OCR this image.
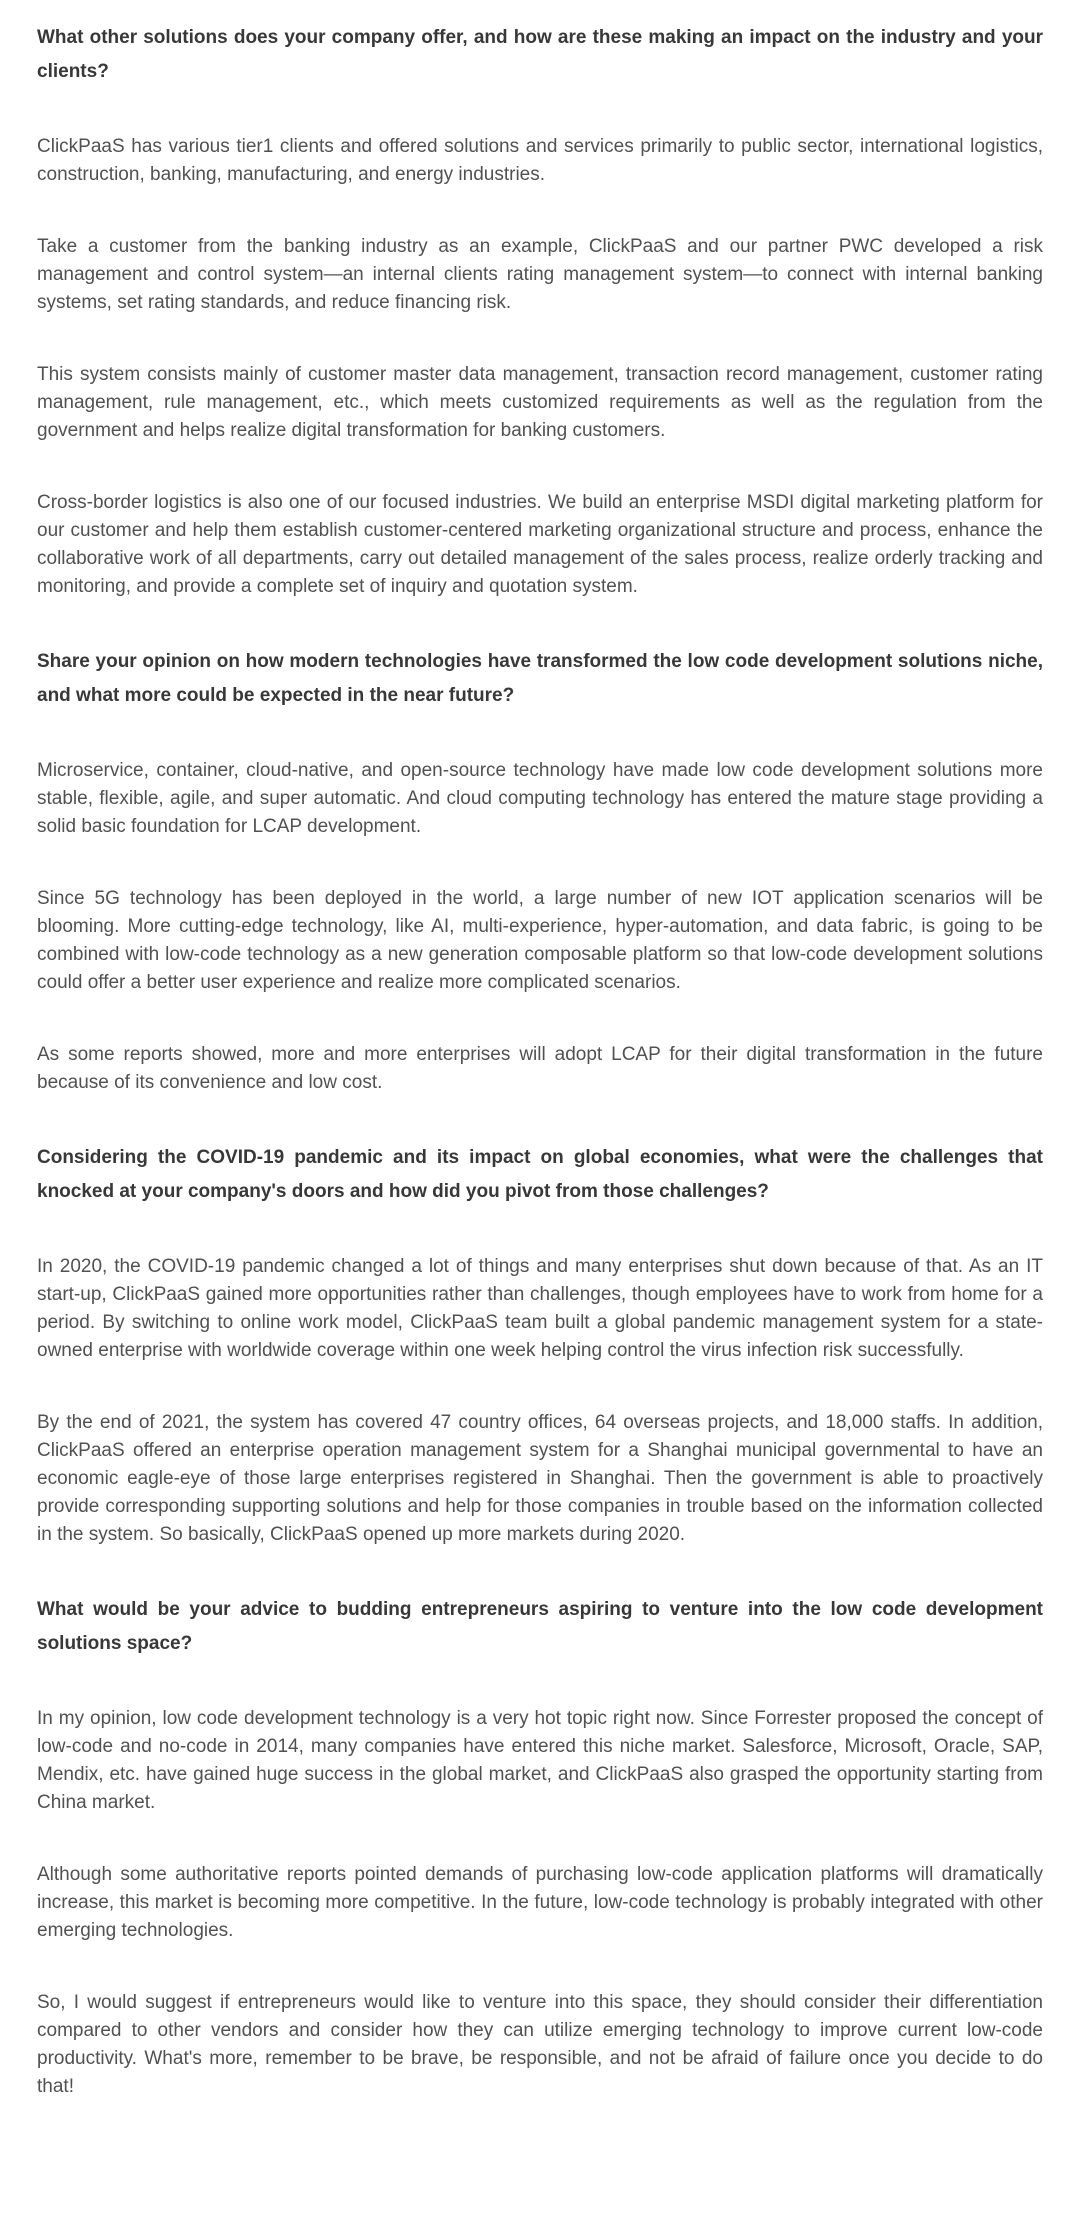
What other solutions does your company offer, and how are these making an impact on the industry and your clients?

ClickPaaS has various tier1 clients and offered solutions and services primarily to public sector, international logistics, construction, banking, manufacturing, and energy industries.

Take a customer from the banking industry as an example, ClickPaaS and our partner PWC developed a risk management and control system—an internal clients rating management system—to connect with internal banking systems, set rating standards, and reduce financing risk.

This system consists mainly of customer master data management, transaction record management, customer rating management, rule management, etc., which meets customized requirements as well as the regulation from the government and helps realize digital transformation for banking customers.

Cross-border logistics is also one of our focused industries. We build an enterprise MSDI digital marketing platform for our customer and help them establish customer-centered marketing organizational structure and process, enhance the collaborative work of all departments, carry out detailed management of the sales process, realize orderly tracking and monitoring, and provide a complete set of inquiry and quotation system.

Share your opinion on how modern technologies have transformed the low code development solutions niche, and what more could be expected in the near future?

Microservice, container, cloud-native, and open-source technology have made low code development solutions more stable, flexible, agile, and super automatic. And cloud computing technology has entered the mature stage providing a solid basic foundation for LCAP development.

Since 5G technology has been deployed in the world, a large number of new IOT application scenarios will be blooming. More cutting-edge technology, like AI, multi-experience, hyper-automation, and data fabric, is going to be combined with low-code technology as a new generation composable platform so that low-code development solutions could offer a better user experience and realize more complicated scenarios.

As some reports showed, more and more enterprises will adopt LCAP for their digital transformation in the future because of its convenience and low cost.

Considering the COVID-19 pandemic and its impact on global economies, what were the challenges that knocked at your company's doors and how did you pivot from those challenges?

In 2020, the COVID-19 pandemic changed a lot of things and many enterprises shut down because of that. As an IT start-up, ClickPaaS gained more opportunities rather than challenges, though employees have to work from home for a period. By switching to online work model, ClickPaaS team built a global pandemic management system for a state-owned enterprise with worldwide coverage within one week helping control the virus infection risk successfully.

By the end of 2021, the system has covered 47 country offices, 64 overseas projects, and 18,000 staffs. In addition, ClickPaaS offered an enterprise operation management system for a Shanghai municipal governmental to have an economic eagle-eye of those large enterprises registered in Shanghai. Then the government is able to proactively provide corresponding supporting solutions and help for those companies in trouble based on the information collected in the system. So basically, ClickPaaS opened up more markets during 2020.

What would be your advice to budding entrepreneurs aspiring to venture into the low code development solutions space?

In my opinion, low code development technology is a very hot topic right now. Since Forrester proposed the concept of low-code and no-code in 2014, many companies have entered this niche market. Salesforce, Microsoft, Oracle, SAP, Mendix, etc. have gained huge success in the global market, and ClickPaaS also grasped the opportunity starting from China market.

Although some authoritative reports pointed demands of purchasing low-code application platforms will dramatically increase, this market is becoming more competitive. In the future, low-code technology is probably integrated with other emerging technologies.

So, I would suggest if entrepreneurs would like to venture into this space, they should consider their differentiation compared to other vendors and consider how they can utilize emerging technology to improve current low-code productivity. What's more, remember to be brave, be responsible, and not be afraid of failure once you decide to do that!
